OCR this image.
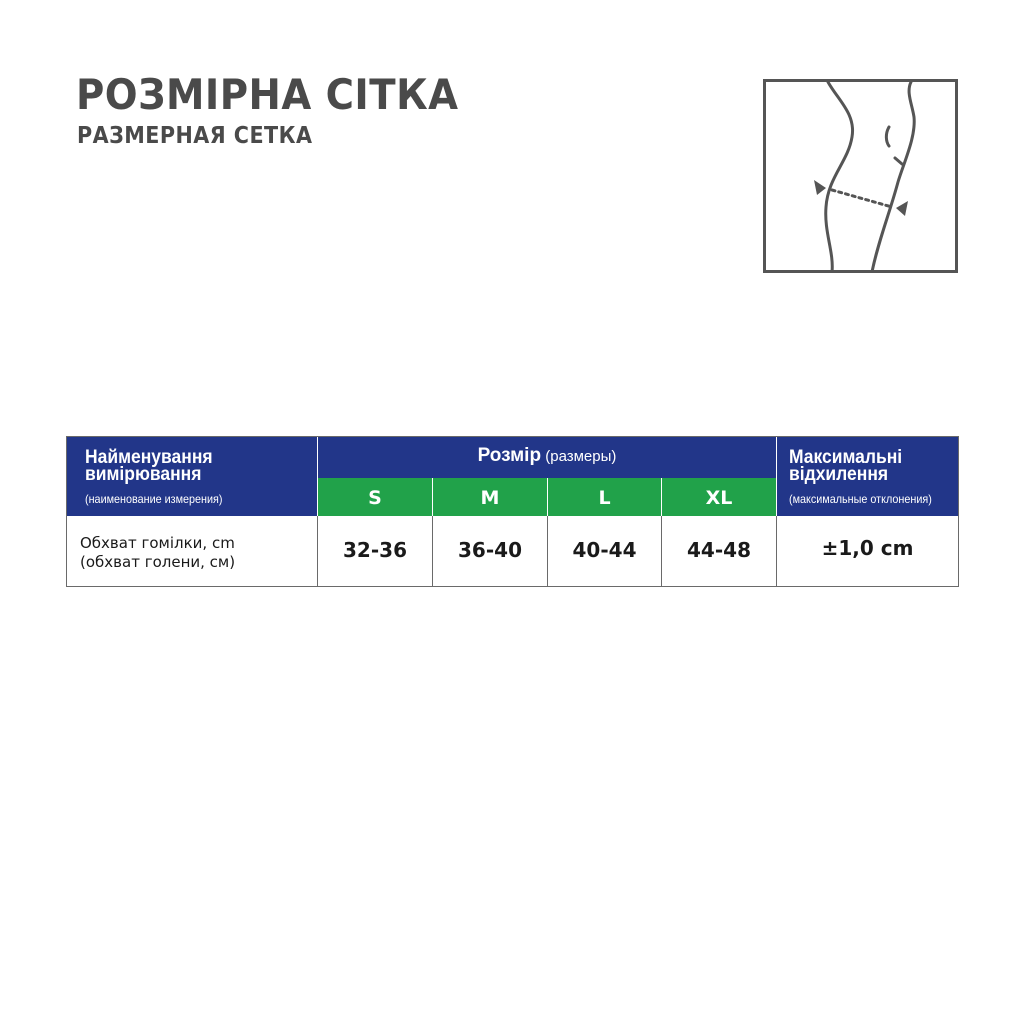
РОЗМІРНА СІТКА
РАЗМЕРНАЯ СЕТКА
Найменування
вимірювання
(наименование измерения)
Розмір (размеры)
S	M	L	XL
Максимальні
відхилення
(максимальные отклонения)
Обхват гомілки, cm
(обхват голени, см)	32-36	36-40	40-44	44-48	±1,0 cm
